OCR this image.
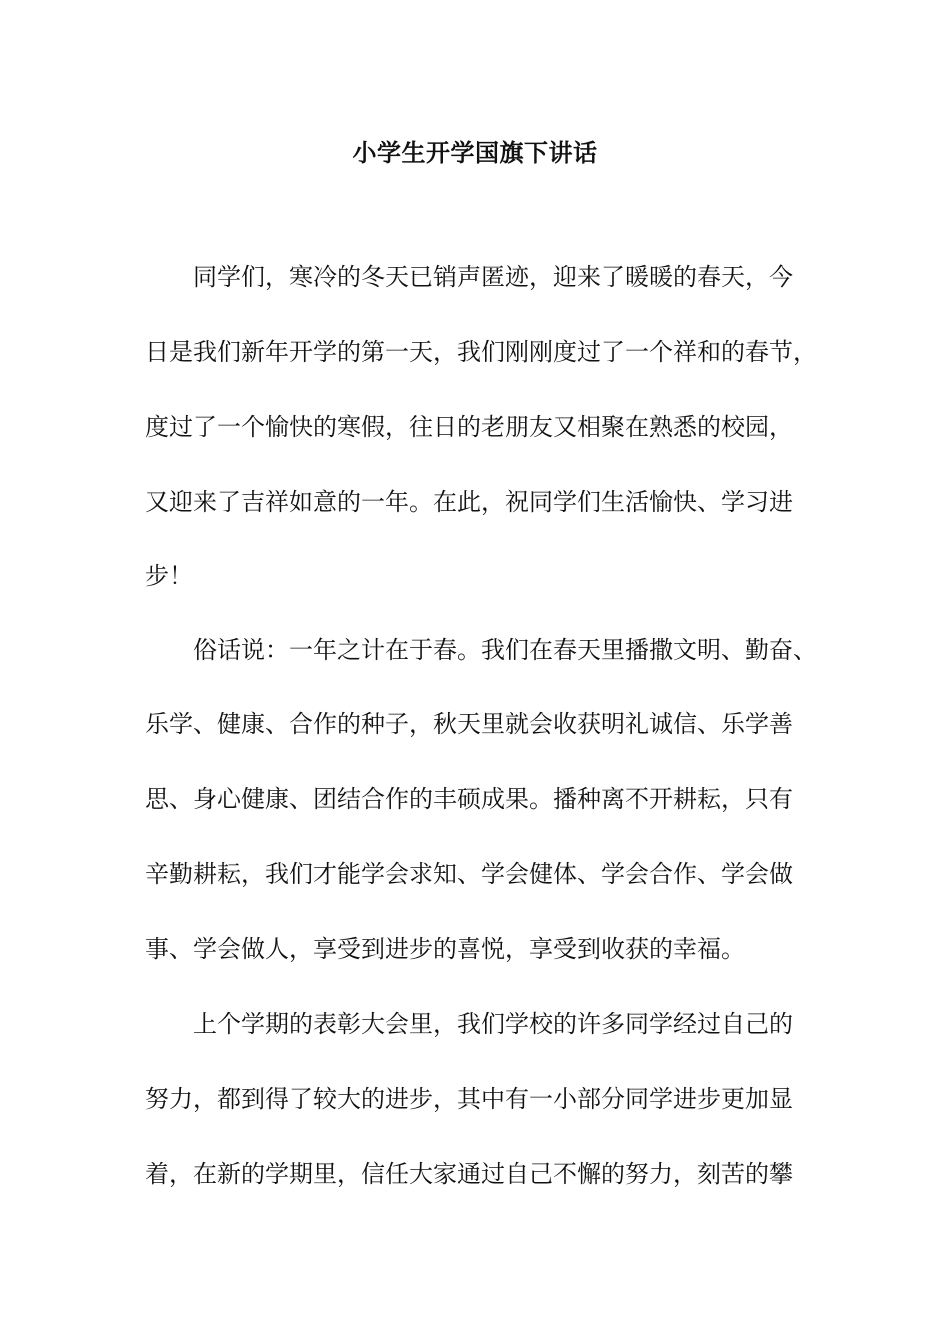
小学生开学国旗下讲话
　　同学们，寒冷的冬天已销声匿迹，迎来了暖暖的春天，今
日是我们新年开学的第一天，我们刚刚度过了一个祥和的春节，
度过了一个愉快的寒假，往日的老朋友又相聚在熟悉的校园，
又迎来了吉祥如意的一年。在此，祝同学们生活愉快、学习进
步！
　　俗话说：一年之计在于春。我们在春天里播撒文明、勤奋、
乐学、健康、合作的种子，秋天里就会收获明礼诚信、乐学善
思、身心健康、团结合作的丰硕成果。播种离不开耕耘，只有
辛勤耕耘，我们才能学会求知、学会健体、学会合作、学会做
事、学会做人，享受到进步的喜悦，享受到收获的幸福。
　　上个学期的表彰大会里，我们学校的许多同学经过自己的
努力，都到得了较大的进步，其中有一小部分同学进步更加显
着，在新的学期里，信任大家通过自己不懈的努力，刻苦的攀
